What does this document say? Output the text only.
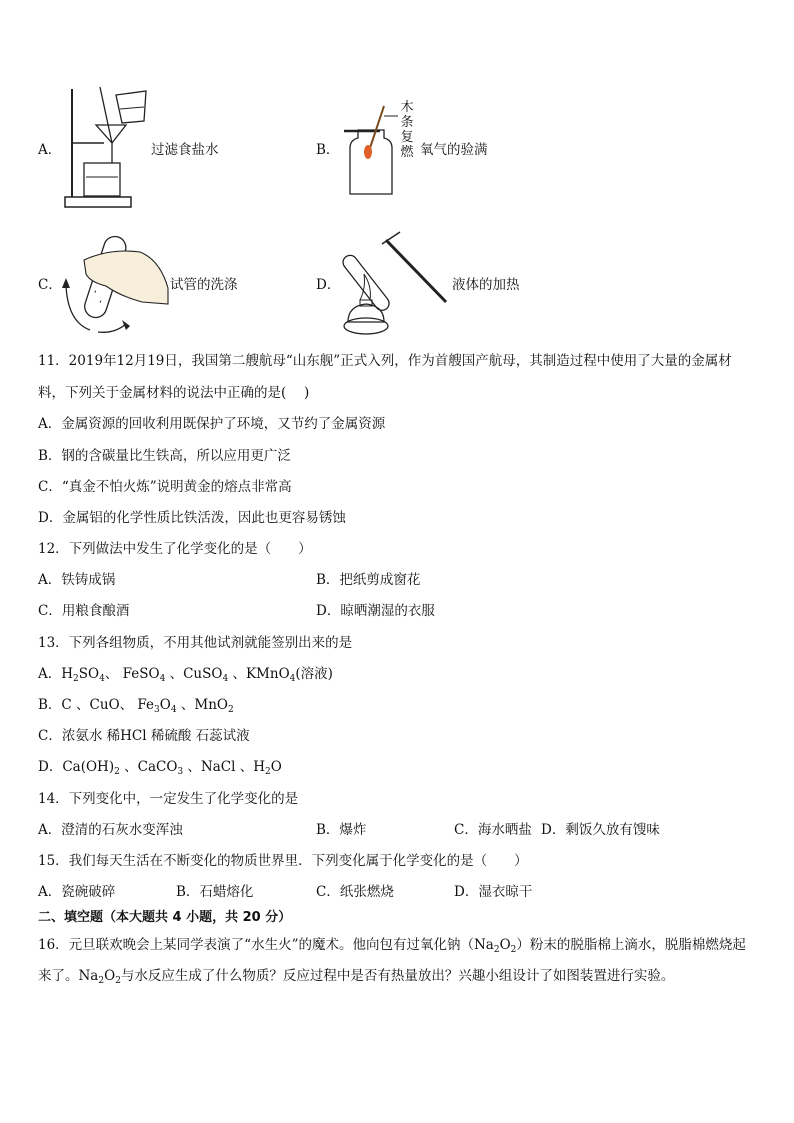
A．	过滤食盐水	B．
木
条
复
燃 氧气的验满
C．	试管的洗涤	D．	液体的加热
11．2019年12月19日，我国第二艘航母“山东舰”正式入列，作为首艘国产航母，其制造过程中使用了大量的金属材
料，下列关于金属材料的说法中正确的是(　 )
A．金属资源的回收利用既保护了环境，又节约了金属资源
B．钢的含碳量比生铁高，所以应用更广泛
C．“真金不怕火炼”说明黄金的熔点非常高
D．金属铝的化学性质比铁活泼，因此也更容易锈蚀
12．下列做法中发生了化学变化的是（　　）
A．铁铸成锅	B．把纸剪成窗花
C．用粮食酿酒	D．晾晒潮湿的衣服
13．下列各组物质，不用其他试剂就能签别出来的是
A．$H_2SO_4$、 FeSO$_4$ 、CuSO$_4$ 、KMnO$_4$(溶液)
B．C 、CuO、 $Fe_3O_4$ 、MnO$_2$
C．浓氨水 稀HCl 稀硫酸 石蕊试液
D．$Ca(OH)_2$ 、CaCO$_3$ 、NaCl 、$H_2O$
14．下列变化中，一定发生了化学变化的是
A．澄清的石灰水变浑浊	B．爆炸	C．海水晒盐 D．剩饭久放有馊味
15．我们每天生活在不断变化的物质世界里．下列变化属于化学变化的是（　　）
A．瓷碗破碎	B．石蜡熔化	C．纸张燃烧	D．湿衣晾干
二、填空题（本大题共 4 小题，共 20 分）
16．元旦联欢晚会上某同学表演了“水生火”的魔术。他向包有过氧化钠$(Na_2O_2)$粉末的脱脂棉上滴水，脱脂棉燃烧起
来了。$Na_2O_2$与水反应生成了什么物质？反应过程中是否有热量放出？兴趣小组设计了如图装置进行实验。
